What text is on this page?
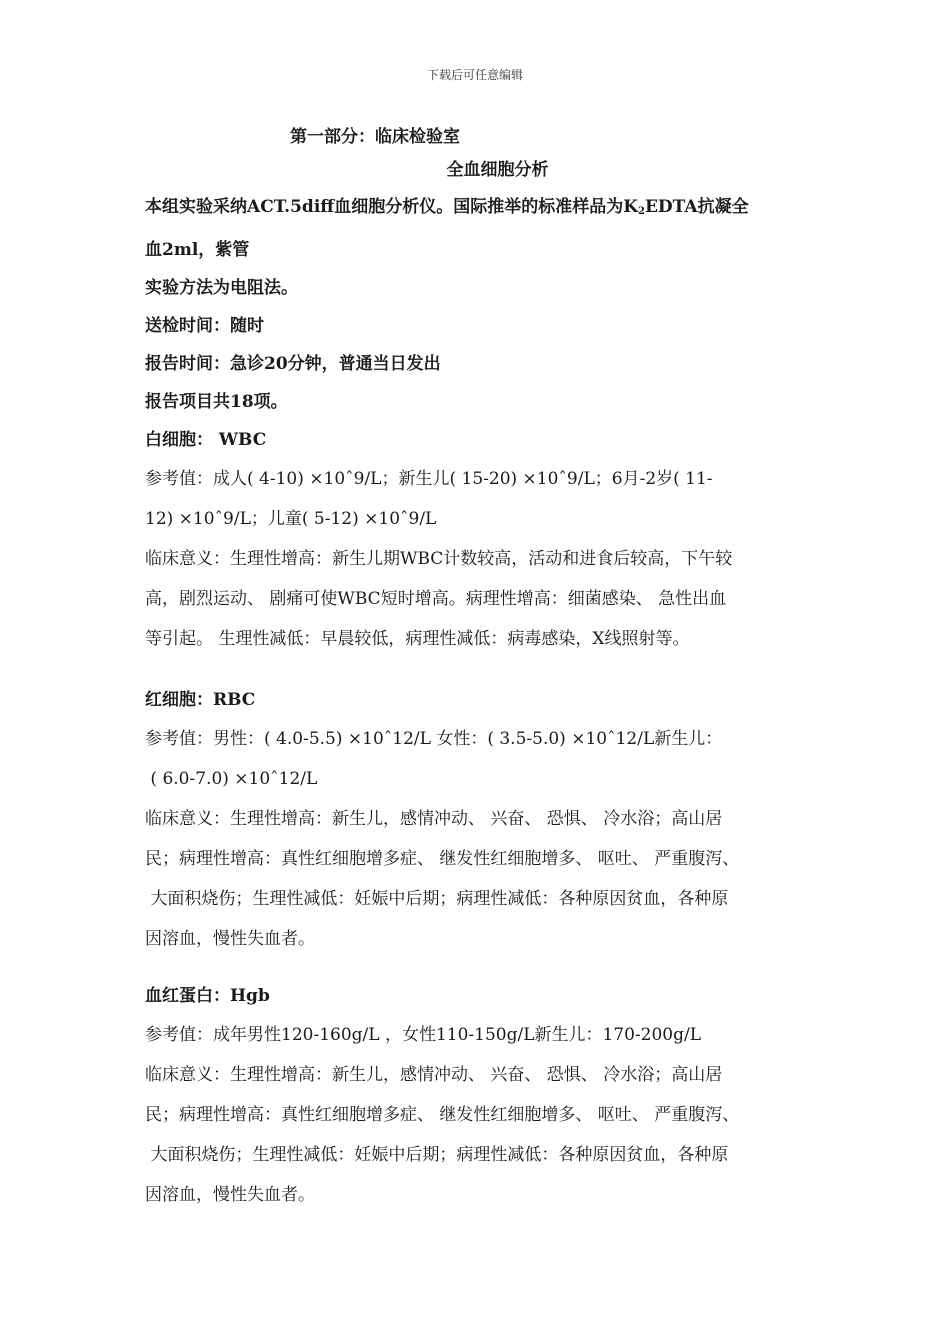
下载后可任意编辑

第一部分：临床检验室

全血细胞分析

本组实验采纳ACT.5diff血细胞分析仪。国际推举的标准样品为$K_2EDTA$抗凝全

血2ml，紫管

实验方法为电阻法。

送检时间：随时

报告时间：急诊20分钟，普通当日发出

报告项目共18项。

白细胞： WBC

参考值：成人( 4-10) ×10ˆ9/L；新生儿( 15-20) ×10ˆ9/L；6月-2岁( 11-

12) ×10ˆ9/L；儿童( 5-12) ×10ˆ9/L

临床意义：生理性增高：新生儿期WBC计数较高，活动和进食后较高，下午较

高，剧烈运动、 剧痛可使WBC短时增高。病理性增高：细菌感染、 急性出血

等引起。 生理性减低：早晨较低，病理性减低：病毒感染，X线照射等。

红细胞：RBC

参考值：男性：( 4.0-5.5) ×10ˆ12/L 女性：( 3.5-5.0) ×10ˆ12/L新生儿：

( 6.0-7.0) ×10ˆ12/L

临床意义：生理性增高：新生儿，感情冲动、 兴奋、 恐惧、 冷水浴；高山居

民；病理性增高：真性红细胞增多症、 继发性红细胞增多、 呕吐、 严重腹泻、

大面积烧伤；生理性减低：妊娠中后期；病理性减低：各种原因贫血，各种原

因溶血，慢性失血者。

血红蛋白：Hgb

参考值：成年男性120-160g/L ，女性110-150g/L新生儿：170-200g/L

临床意义：生理性增高：新生儿，感情冲动、 兴奋、 恐惧、 冷水浴；高山居

民；病理性增高：真性红细胞增多症、 继发性红细胞增多、 呕吐、 严重腹泻、

大面积烧伤；生理性减低：妊娠中后期；病理性减低：各种原因贫血，各种原

因溶血，慢性失血者。
